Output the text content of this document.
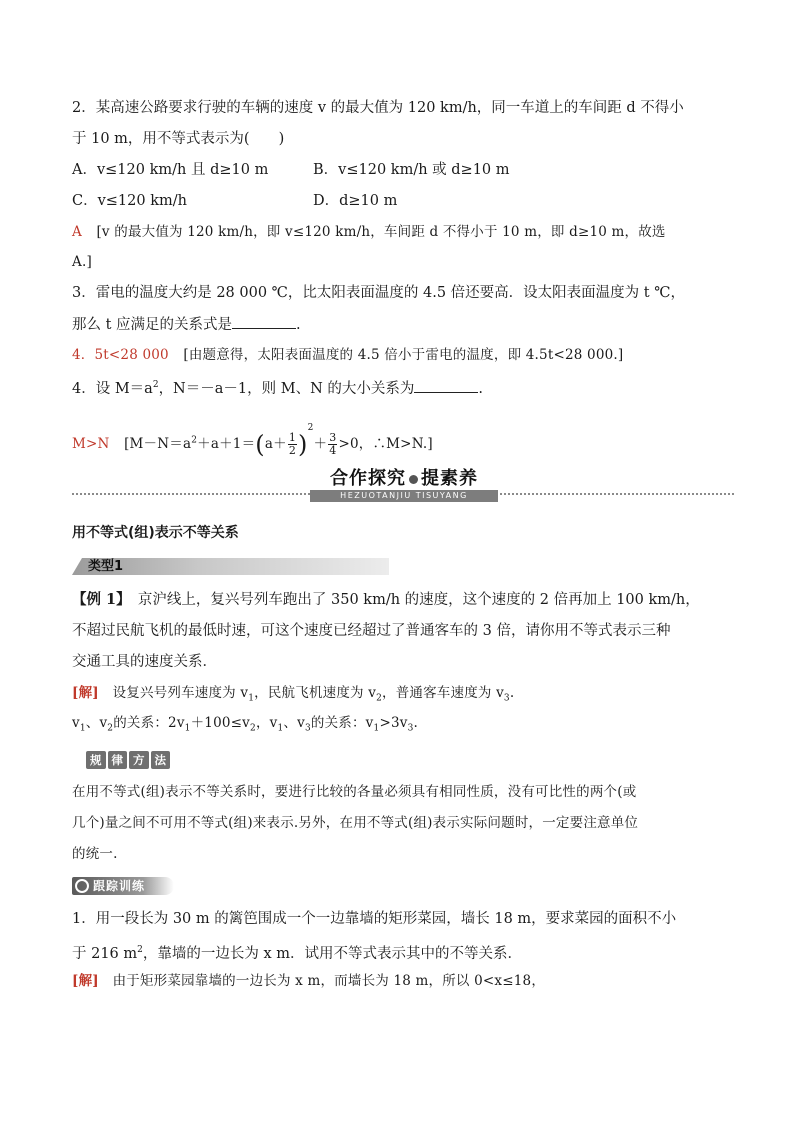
2．某高速公路要求行驶的车辆的速度 v 的最大值为 120 km/h，同一车道上的车间距 d 不得小
于 10 m，用不等式表示为(　　)
A．v≤120 km/h 且 d≥10 m	B．v≤120 km/h 或 d≥10 m
C．v≤120 km/h	D．d≥10 m
A [v 的最大值为 120 km/h，即 v≤120 km/h，车间距 d 不得小于 10 m，即 d≥10 m，故选
A.]
3．雷电的温度大约是 28 000 ℃，比太阳表面温度的 4.5 倍还要高．设太阳表面温度为 t ℃，
那么 t 应满足的关系式是	.
4．5t<28 000 [由题意得，太阳表面温度的 4.5 倍小于雷电的温度，即 4.5t<28 000.]
4．设 $M=a^2$，N＝－a－1，则 M、N 的大小关系为	.
M>N [$M-N=a^2+a+1=(a+ \frac{1}{2} )^2+ \frac{3}{4} >0$，∴M>N.]
合作探究 提素养
HEZUOTANJIU TISUYANG
用不等式(组)表示不等关系
类型1
【例 1】　京沪线上，复兴号列车跑出了 350 km/h 的速度，这个速度的 2 倍再加上 100 km/h，
不超过民航飞机的最低时速，可这个速度已经超过了普通客车的 3 倍，请你用不等式表示三种
交通工具的速度关系．
[解]　设复兴号列车速度为 $v_1$，民航飞机速度为 $v_2$，普通客车速度为 $v_3$.
$v_1$、$v_2$的关系：$2v_1+100\le v_2$，$v_1$、$v_3$的关系：$v_1>3v_3$.
规 律 方 法
在用不等式(组)表示不等关系时，要进行比较的各量必须具有相同性质，没有可比性的两个(或
几个)量之间不可用不等式(组)来表示.另外，在用不等式(组)表示实际问题时，一定要注意单位
的统一.
跟踪训练
1．用一段长为 30 m 的篱笆围成一个一边靠墙的矩形菜园，墙长 18 m，要求菜园的面积不小
于 216 $m^2$，靠墙的一边长为 x m．试用不等式表示其中的不等关系．
[解]　由于矩形菜园靠墙的一边长为 x m，而墙长为 18 m，所以 0<x≤18，
